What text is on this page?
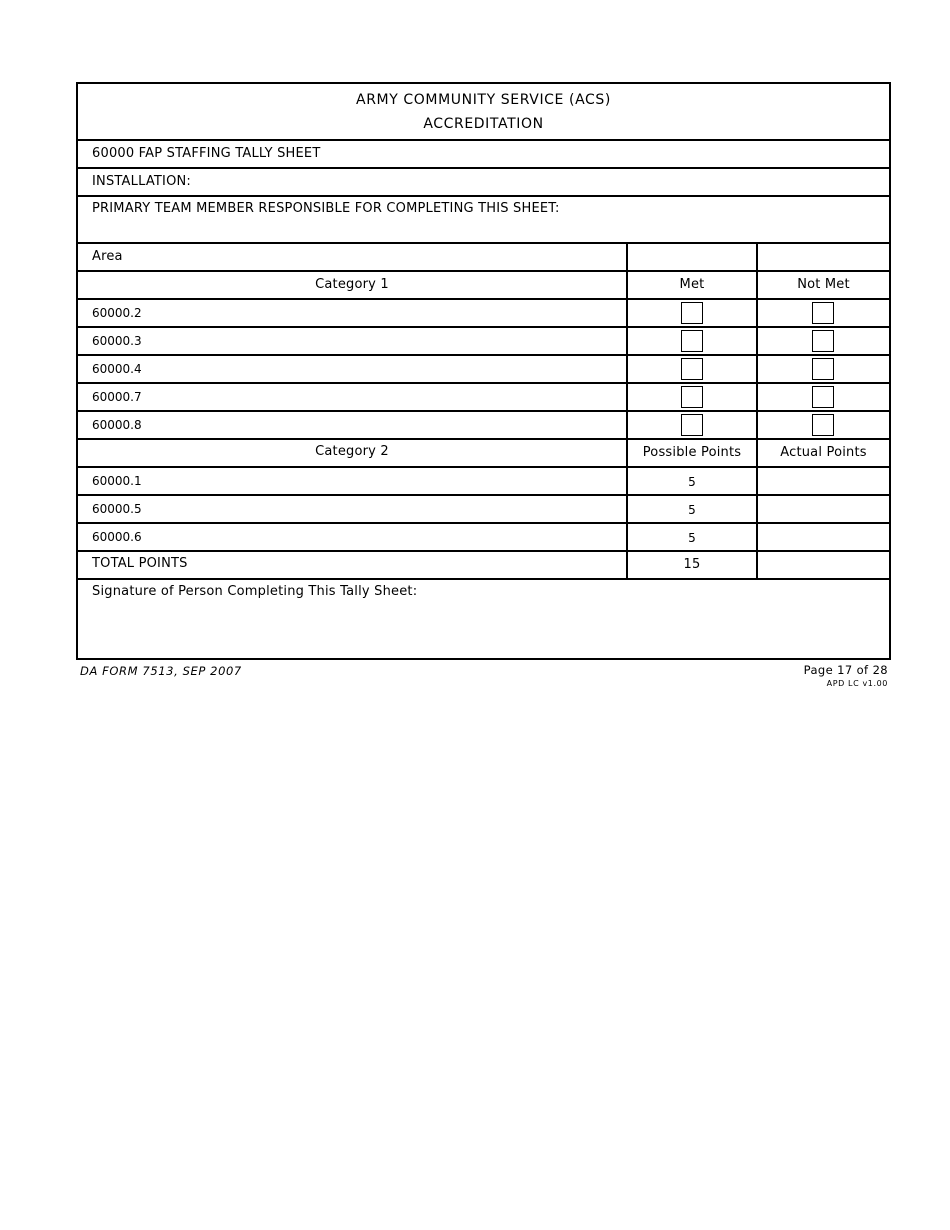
ARMY COMMUNITY SERVICE (ACS)
ACCREDITATION
60000 FAP STAFFING TALLY SHEET
INSTALLATION:
PRIMARY TEAM MEMBER RESPONSIBLE FOR COMPLETING THIS SHEET:
Area
Category 1	Met	Not Met
60000.2
60000.3
60000.4
60000.7
60000.8
Category 2	Possible Points	Actual Points
60000.1	5
60000.5	5
60000.6	5
TOTAL POINTS	15
Signature of Person Completing This Tally Sheet:
DA FORM 7513, SEP 2007	Page 17 of 28
APD LC v1.00
